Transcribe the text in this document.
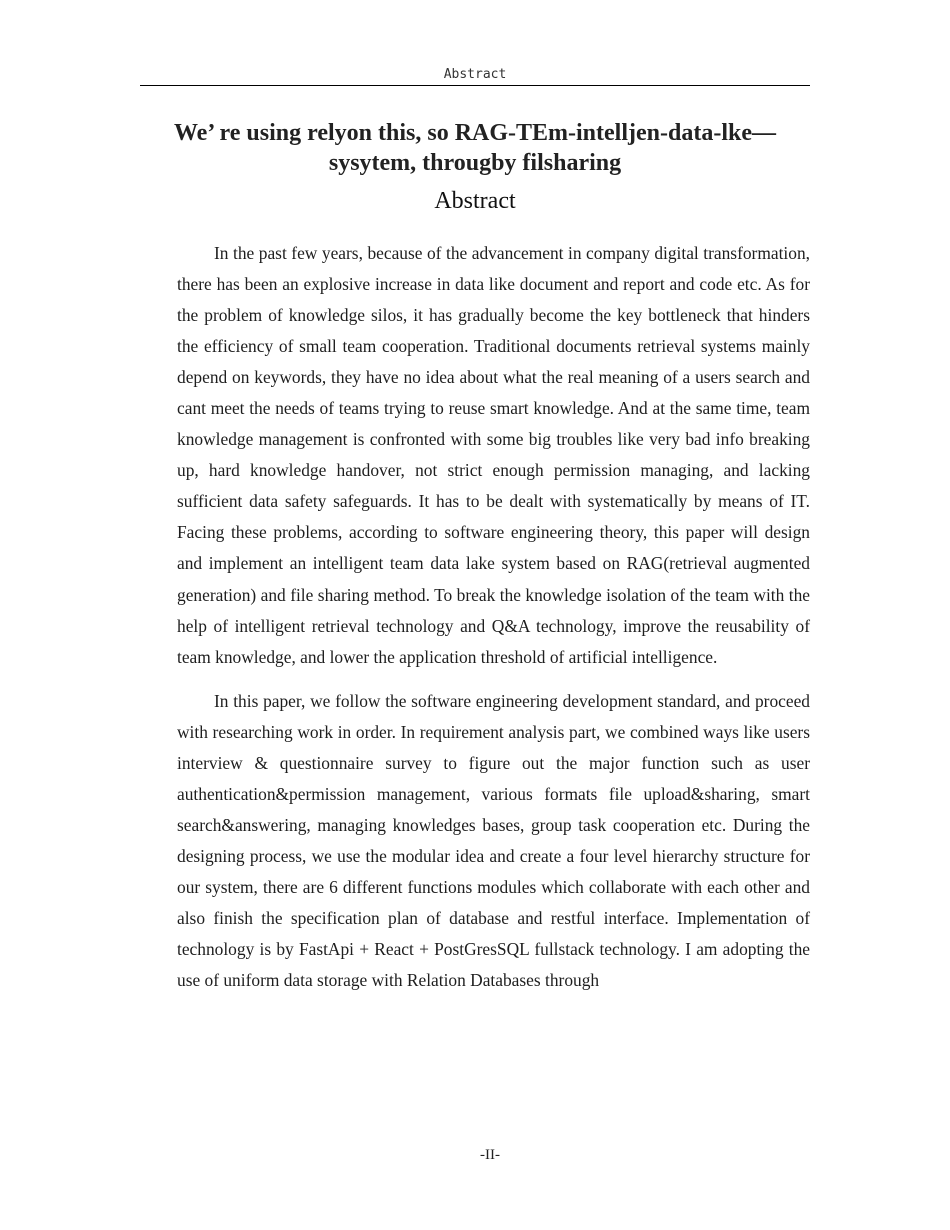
Abstract
We’ re using relyon this, so RAG-TEm-intelljen-data-lke—sysytem, througby filsharing
Abstract

In the past few years, because of the advancement in company digital transformation, there has been an explosive increase in data like document and report and code etc. As for the problem of knowledge silos, it has gradually become the key bottleneck that hinders the efficiency of small team cooperation. Traditional documents retrieval systems mainly depend on keywords, they have no idea about what the real meaning of a users search and cant meet the needs of teams trying to reuse smart knowledge. And at the same time, team knowledge management is confronted with some big troubles like very bad info breaking up, hard knowledge handover, not strict enough permission managing, and lacking sufficient data safety safeguards. It has to be dealt with systematically by means of IT. Facing these problems, according to software engineering theory, this paper will design and implement an intelligent team data lake system based on RAG(retrieval augmented generation) and file sharing method. To break the knowledge isolation of the team with the help of intelligent retrieval technology and Q&A technology, improve the reusability of team knowledge, and lower the application threshold of artificial intelligence.

In this paper, we follow the software engineering development standard, and proceed with researching work in order. In requirement analysis part, we combined ways like users interview & questionnaire survey to figure out the major function such as user authentication&permission management, various formats file upload&sharing, smart search&answering, managing knowledges bases, group task cooperation etc. During the designing process, we use the modular idea and create a four level hierarchy structure for our system, there are 6 different functions modules which collaborate with each other and also finish the specification plan of database and restful interface. Implementation of technology is by FastApi + React + PostGresSQL fullstack technology. I am adopting the use of uniform data storage with Relation Databases through

-II-
